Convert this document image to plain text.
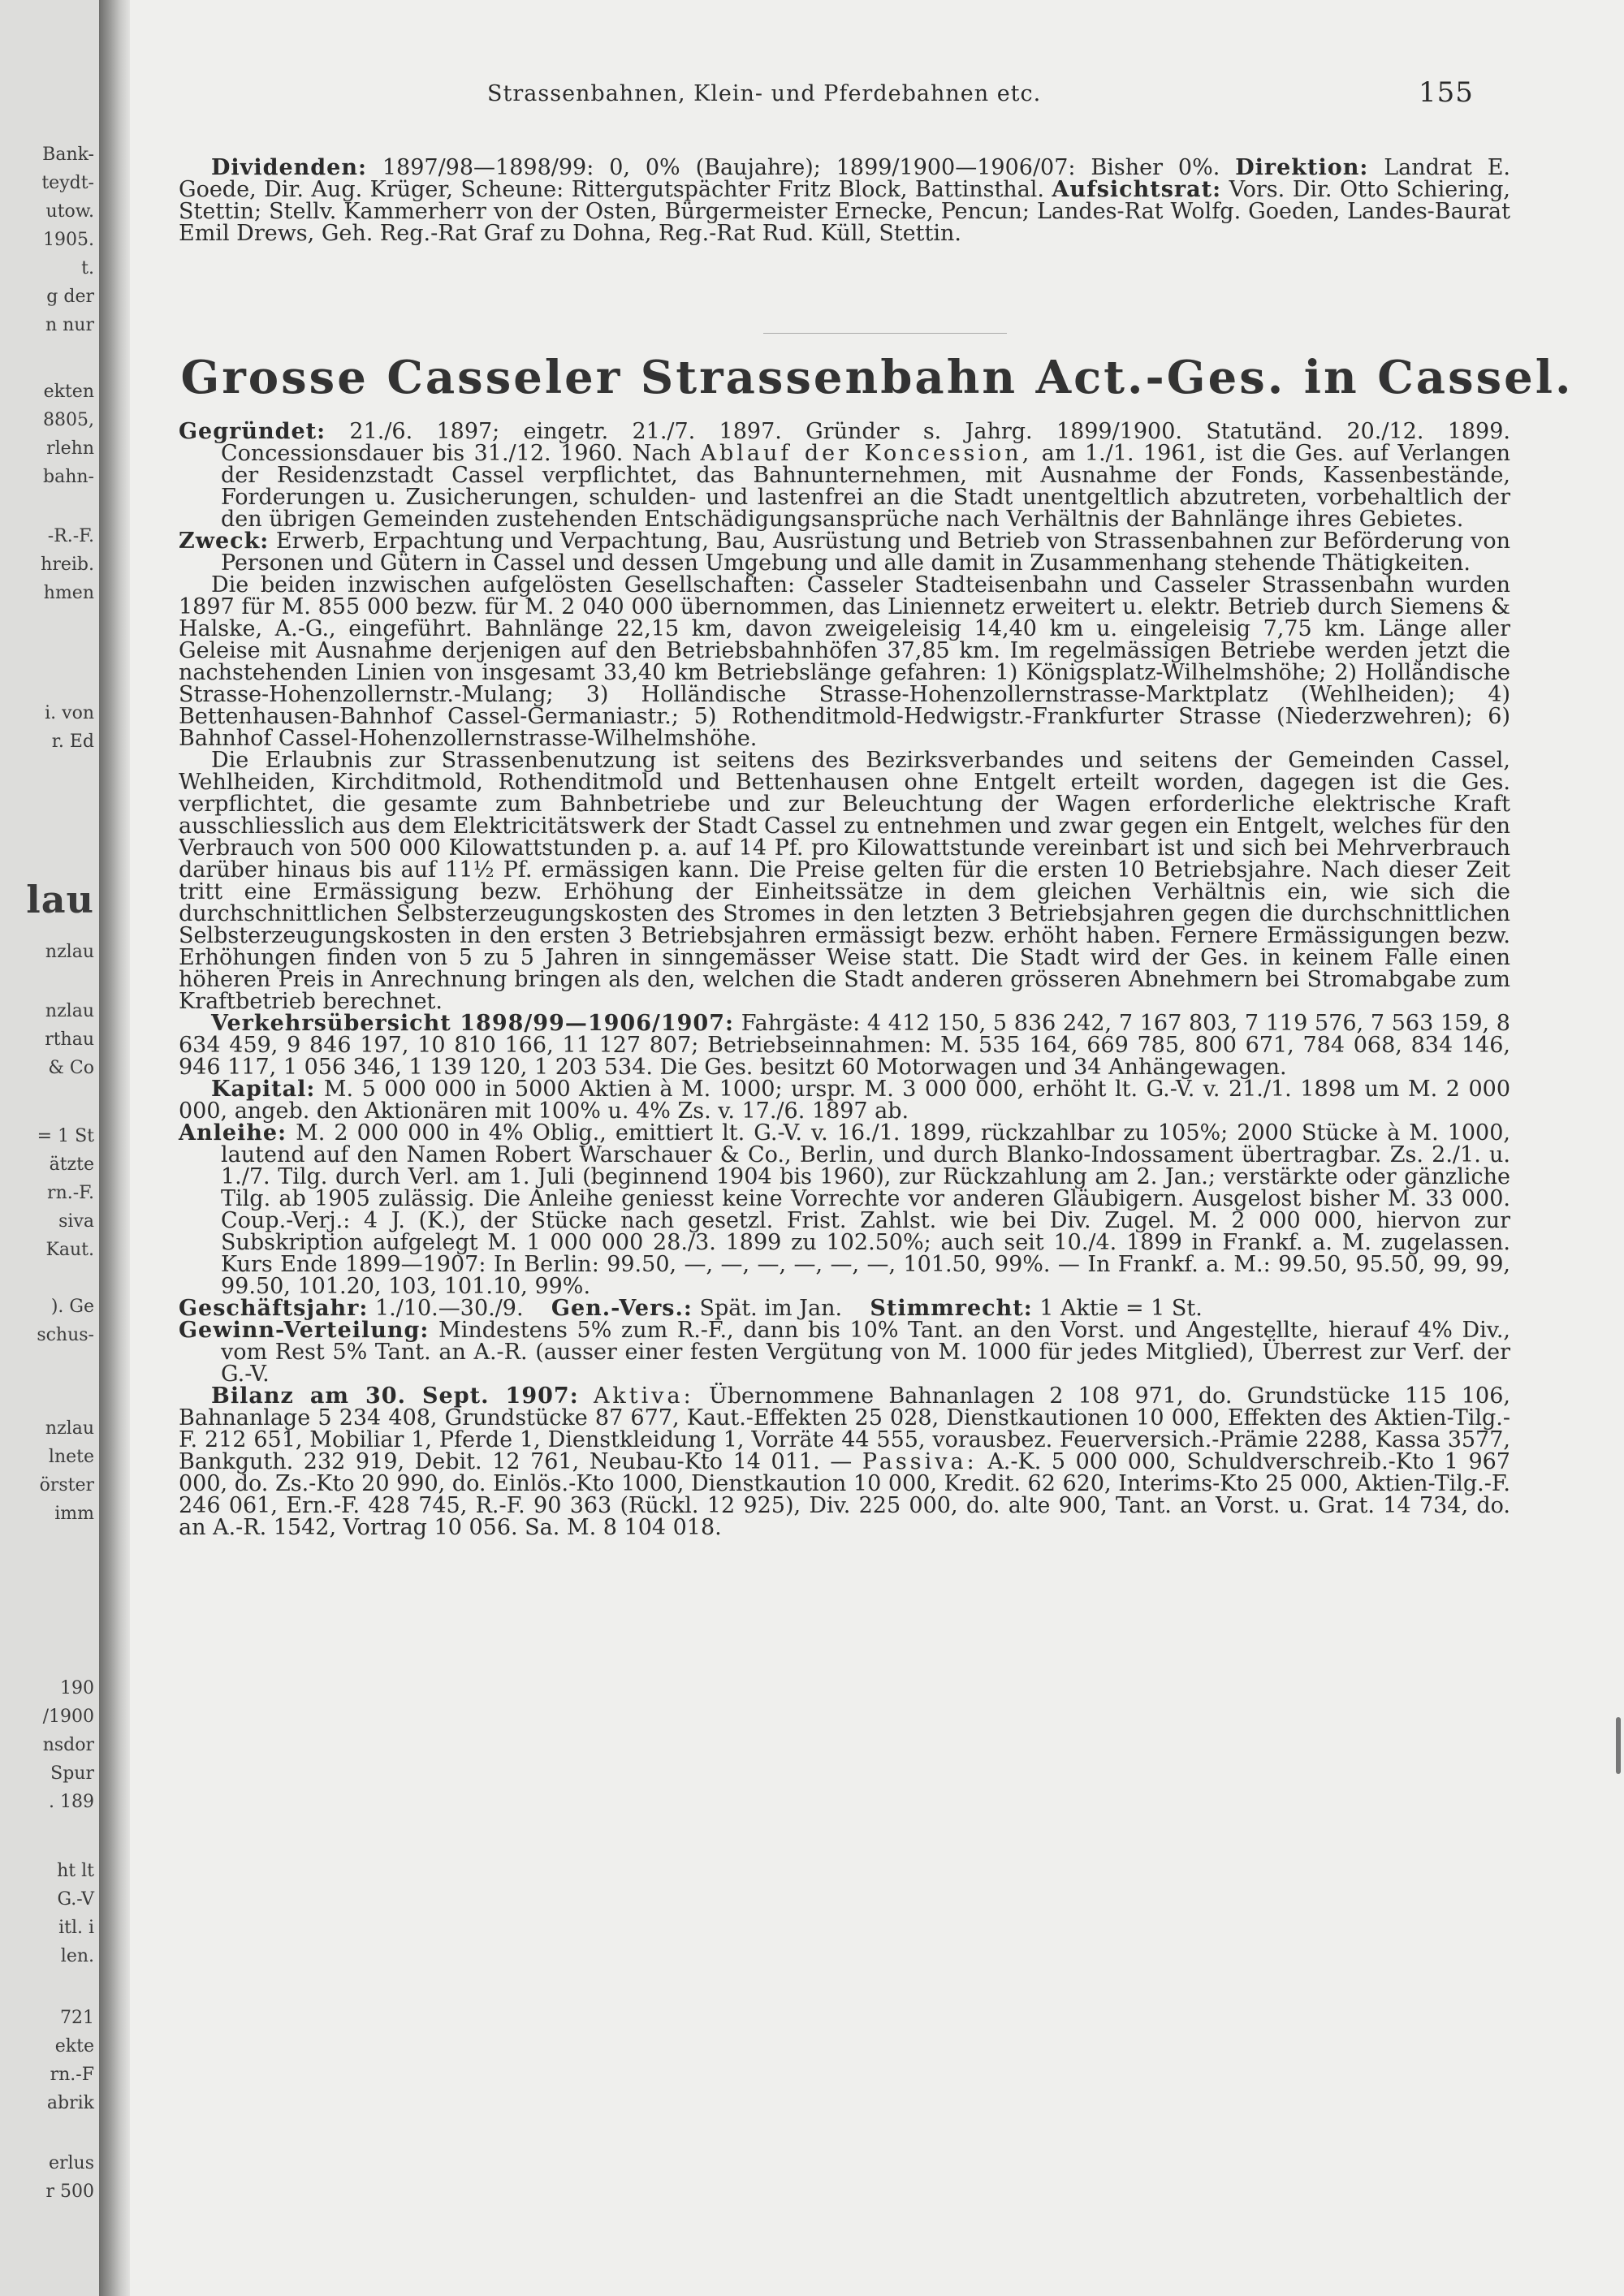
Bank-
teydt-
utow.
1905.
t.
g der
n nur
ekten
8805,
rlehn
bahn-
-R.-F.
hreib.
hmen
i. von
r. Ed
lau
nzlau
nzlau
rthau
& Co
= 1 St
ätzte
rn.-F.
siva
Kaut.
). Ge
schus-
nzlau
lnete
örster
imm
190
/1900
nsdor
Spur
. 189
ht lt
G.-V
itl. i
len.
721
ekte
rn.-F
abrik
erlus
r 500
Strassenbahnen, Klein- und Pferdebahnen etc.	155

Dividenden: 1897/98—1898/99: 0, 0% (Baujahre); 1899/1900—1906/07: Bisher 0%. Direktion: Landrat E. Goede, Dir. Aug. Krüger, Scheune: Rittergutspächter Fritz Block, Battinsthal. Aufsichtsrat: Vors. Dir. Otto Schiering, Stettin; Stellv. Kammerherr von der Osten, Bürgermeister Ernecke, Pencun; Landes-Rat Wolfg. Goeden, Landes-Baurat Emil Drews, Geh. Reg.-Rat Graf zu Dohna, Reg.-Rat Rud. Küll, Stettin.

Grosse Casseler Strassenbahn Act.-Ges. in Cassel.

Gegründet: 21./6. 1897; eingetr. 21./7. 1897. Gründer s. Jahrg. 1899/1900. Statutänd. 20./12. 1899. Concessionsdauer bis 31./12. 1960. Nach Ablauf der Koncession, am 1./1. 1961, ist die Ges. auf Verlangen der Residenzstadt Cassel verpflichtet, das Bahnunternehmen, mit Ausnahme der Fonds, Kassenbestände, Forderungen u. Zusicherungen, schulden- und lastenfrei an die Stadt unentgeltlich abzutreten, vorbehaltlich der den übrigen Gemeinden zustehenden Entschädigungsansprüche nach Verhältnis der Bahnlänge ihres Gebietes.

Zweck: Erwerb, Erpachtung und Verpachtung, Bau, Ausrüstung und Betrieb von Strassenbahnen zur Beförderung von Personen und Gütern in Cassel und dessen Umgebung und alle damit in Zusammenhang stehende Thätigkeiten.

Die beiden inzwischen aufgelösten Gesellschaften: Casseler Stadteisenbahn und Casseler Strassenbahn wurden 1897 für M. 855 000 bezw. für M. 2 040 000 übernommen, das Liniennetz erweitert u. elektr. Betrieb durch Siemens & Halske, A.-G., eingeführt. Bahnlänge 22,15 km, davon zweigeleisig 14,40 km u. eingeleisig 7,75 km. Länge aller Geleise mit Ausnahme derjenigen auf den Betriebsbahnhöfen 37,85 km. Im regelmässigen Betriebe werden jetzt die nachstehenden Linien von insgesamt 33,40 km Betriebslänge gefahren: 1) Königsplatz-Wilhelmshöhe; 2) Holländische Strasse-Hohenzollernstr.-Mulang; 3) Holländische Strasse-Hohenzollernstrasse-Marktplatz (Wehlheiden); 4) Bettenhausen-Bahnhof Cassel-Germaniastr.; 5) Rothenditmold-Hedwigstr.-Frankfurter Strasse (Niederzwehren); 6) Bahnhof Cassel-Hohenzollernstrasse-Wilhelmshöhe.

Die Erlaubnis zur Strassenbenutzung ist seitens des Bezirksverbandes und seitens der Gemeinden Cassel, Wehlheiden, Kirchditmold, Rothenditmold und Bettenhausen ohne Entgelt erteilt worden, dagegen ist die Ges. verpflichtet, die gesamte zum Bahnbetriebe und zur Beleuchtung der Wagen erforderliche elektrische Kraft ausschliesslich aus dem Elektricitätswerk der Stadt Cassel zu entnehmen und zwar gegen ein Entgelt, welches für den Verbrauch von 500 000 Kilowattstunden p. a. auf 14 Pf. pro Kilowattstunde vereinbart ist und sich bei Mehrverbrauch darüber hinaus bis auf 11½ Pf. ermässigen kann. Die Preise gelten für die ersten 10 Betriebsjahre. Nach dieser Zeit tritt eine Ermässigung bezw. Erhöhung der Einheitssätze in dem gleichen Verhältnis ein, wie sich die durchschnittlichen Selbsterzeugungskosten des Stromes in den letzten 3 Betriebsjahren gegen die durchschnittlichen Selbsterzeugungskosten in den ersten 3 Betriebsjahren ermässigt bezw. erhöht haben. Fernere Ermässigungen bezw. Erhöhungen finden von 5 zu 5 Jahren in sinngemässer Weise statt. Die Stadt wird der Ges. in keinem Falle einen höheren Preis in Anrechnung bringen als den, welchen die Stadt anderen grösseren Abnehmern bei Stromabgabe zum Kraftbetrieb berechnet.

Verkehrsübersicht 1898/99—1906/1907: Fahrgäste: 4 412 150, 5 836 242, 7 167 803, 7 119 576, 7 563 159, 8 634 459, 9 846 197, 10 810 166, 11 127 807; Betriebseinnahmen: M. 535 164, 669 785, 800 671, 784 068, 834 146, 946 117, 1 056 346, 1 139 120, 1 203 534. Die Ges. besitzt 60 Motorwagen und 34 Anhängewagen.

Kapital: M. 5 000 000 in 5000 Aktien à M. 1000; urspr. M. 3 000 000, erhöht lt. G.-V. v. 21./1. 1898 um M. 2 000 000, angeb. den Aktionären mit 100% u. 4% Zs. v. 17./6. 1897 ab.

Anleihe: M. 2 000 000 in 4% Oblig., emittiert lt. G.-V. v. 16./1. 1899, rückzahlbar zu 105%; 2000 Stücke à M. 1000, lautend auf den Namen Robert Warschauer & Co., Berlin, und durch Blanko-Indossament übertragbar. Zs. 2./1. u. 1./7. Tilg. durch Verl. am 1. Juli (beginnend 1904 bis 1960), zur Rückzahlung am 2. Jan.; verstärkte oder gänzliche Tilg. ab 1905 zulässig. Die Anleihe geniesst keine Vorrechte vor anderen Gläubigern. Ausgelost bisher M. 33 000. Coup.-Verj.: 4 J. (K.), der Stücke nach gesetzl. Frist. Zahlst. wie bei Div. Zugel. M. 2 000 000, hiervon zur Subskription aufgelegt M. 1 000 000 28./3. 1899 zu 102.50%; auch seit 10./4. 1899 in Frankf. a. M. zugelassen. Kurs Ende 1899—1907: In Berlin: 99.50, —, —, —, —, —, —, 101.50, 99%. — In Frankf. a. M.: 99.50, 95.50, 99, 99, 99.50, 101.20, 103, 101.10, 99%.

Geschäftsjahr: 1./10.—30./9. Gen.-Vers.: Spät. im Jan. Stimmrecht: 1 Aktie = 1 St.

Gewinn-Verteilung: Mindestens 5% zum R.-F., dann bis 10% Tant. an den Vorst. und Angestellte, hierauf 4% Div., vom Rest 5% Tant. an A.-R. (ausser einer festen Vergütung von M. 1000 für jedes Mitglied), Überrest zur Verf. der G.-V.

Bilanz am 30. Sept. 1907: Aktiva: Übernommene Bahnanlagen 2 108 971, do. Grundstücke 115 106, Bahnanlage 5 234 408, Grundstücke 87 677, Kaut.-Effekten 25 028, Dienstkautionen 10 000, Effekten des Aktien-Tilg.-F. 212 651, Mobiliar 1, Pferde 1, Dienstkleidung 1, Vorräte 44 555, vorausbez. Feuerversich.-Prämie 2288, Kassa 3577, Bankguth. 232 919, Debit. 12 761, Neubau-Kto 14 011. — Passiva: A.-K. 5 000 000, Schuldverschreib.-Kto 1 967 000, do. Zs.-Kto 20 990, do. Einlös.-Kto 1000, Dienstkaution 10 000, Kredit. 62 620, Interims-Kto 25 000, Aktien-Tilg.-F. 246 061, Ern.-F. 428 745, R.-F. 90 363 (Rückl. 12 925), Div. 225 000, do. alte 900, Tant. an Vorst. u. Grat. 14 734, do. an A.-R. 1542, Vortrag 10 056. Sa. M. 8 104 018.
